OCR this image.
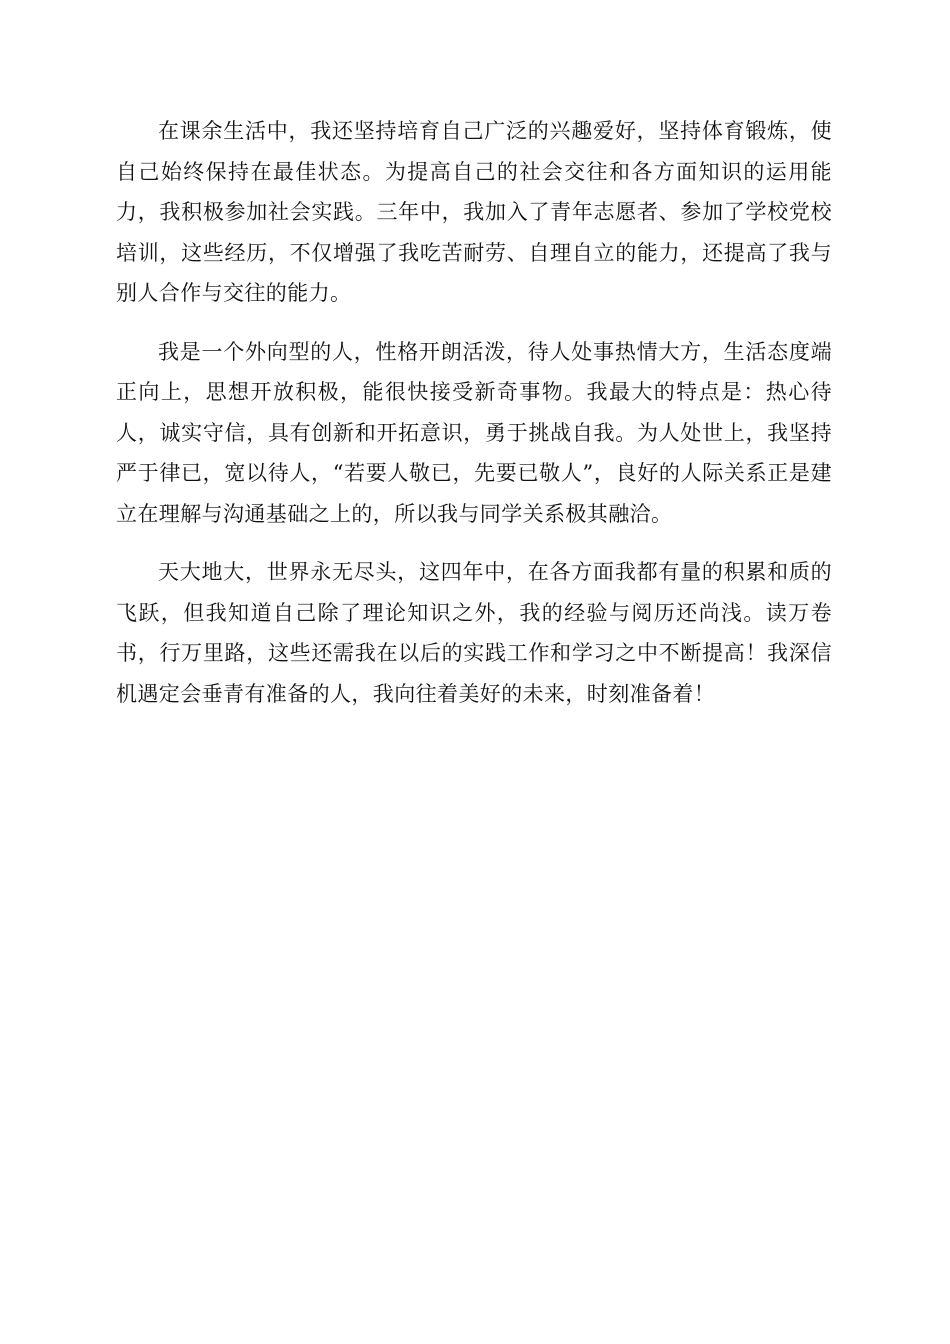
在课余生活中，我还坚持培育自己广泛的兴趣爱好，坚持体育锻炼，使自己始终保持在最佳状态。为提高自己的社会交往和各方面知识的运用能力，我积极参加社会实践。三年中，我加入了青年志愿者、参加了学校党校培训，这些经历，不仅增强了我吃苦耐劳、自理自立的能力，还提高了我与别人合作与交往的能力。

我是一个外向型的人，性格开朗活泼，待人处事热情大方，生活态度端正向上，思想开放积极，能很快接受新奇事物。我最大的特点是：热心待人，诚实守信，具有创新和开拓意识，勇于挑战自我。为人处世上，我坚持严于律已，宽以待人，“若要人敬已，先要已敬人”，良好的人际关系正是建立在理解与沟通基础之上的，所以我与同学关系极其融洽。

天大地大，世界永无尽头，这四年中，在各方面我都有量的积累和质的飞跃，但我知道自己除了理论知识之外，我的经验与阅历还尚浅。读万卷书，行万里路，这些还需我在以后的实践工作和学习之中不断提高！我深信机遇定会垂青有准备的人，我向往着美好的未来，时刻准备着！
